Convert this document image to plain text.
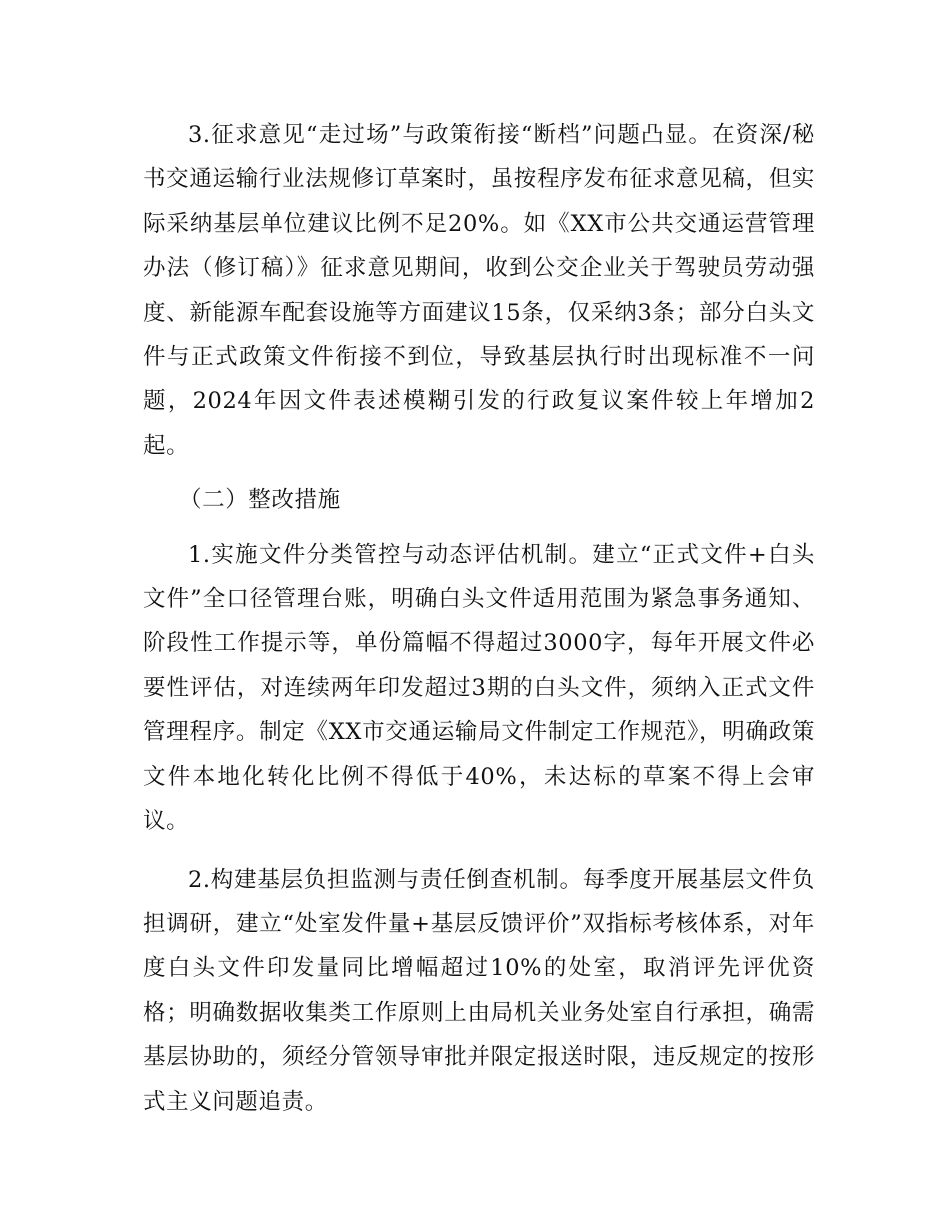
3.征求意见“走过场”与政策衔接“断档”问题凸显。在资深/秘书交通运输行业法规修订草案时，虽按程序发布征求意见稿，但实际采纳基层单位建议比例不足20%。如《XX市公共交通运营管理办法（修订稿）》征求意见期间，收到公交企业关于驾驶员劳动强度、新能源车配套设施等方面建议15条，仅采纳3条；部分白头文件与正式政策文件衔接不到位，导致基层执行时出现标准不一问题，2024年因文件表述模糊引发的行政复议案件较上年增加2起。

（二）整改措施

1.实施文件分类管控与动态评估机制。建立“正式文件+白头文件”全口径管理台账，明确白头文件适用范围为紧急事务通知、阶段性工作提示等，单份篇幅不得超过3000字，每年开展文件必要性评估，对连续两年印发超过3期的白头文件，须纳入正式文件管理程序。制定《XX市交通运输局文件制定工作规范》，明确政策文件本地化转化比例不得低于40%，未达标的草案不得上会审议。

2.构建基层负担监测与责任倒查机制。每季度开展基层文件负担调研，建立“处室发件量+基层反馈评价”双指标考核体系，对年度白头文件印发量同比增幅超过10%的处室，取消评先评优资格；明确数据收集类工作原则上由局机关业务处室自行承担，确需基层协助的，须经分管领导审批并限定报送时限，违反规定的按形式主义问题追责。
